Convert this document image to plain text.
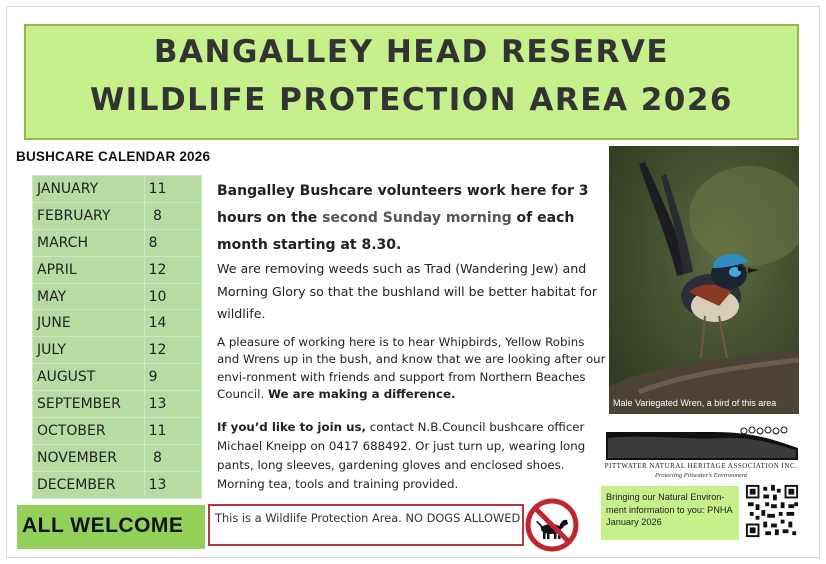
BANGALLEY HEAD RESERVE
WILDLIFE PROTECTION AREA 2026
BUSHCARE CALENDAR 2026
JANUARY	11
FEBRUARY	8
MARCH	8
APRIL	12
MAY	10
JUNE	14
JULY	12
AUGUST	9
SEPTEMBER	13
OCTOBER	11
NOVEMBER	8
DECEMBER	13
Bangalley Bushcare volunteers work here for 3 hours on the second Sunday morning of each month starting at 8.30.
We are removing weeds such as Trad (Wandering Jew) and Morning Glory so that the bushland will be better habitat for wildlife.
A pleasure of working here is to hear Whipbirds, Yellow Robins and Wrens up in the bush, and know that we are looking after our envi-ronment with friends and support from Northern Beaches Council. We are making a difference.
If you’d like to join us, contact N.B.Council bushcare officer Michael Kneipp on 0417 688492. Or just turn up, wearing long pants, long sleeves, gardening gloves and enclosed shoes. Morning tea, tools and training provided.
Male Variegated Wren, a bird of this area
PITTWATER NATURAL HERITAGE ASSOCIATION INC.
Protecting Pittwater’s Environment
Bringing our Natural Environ-ment information to you: PNHA January 2026
ALL WELCOME	This is a Wildlife Protection Area. NO DOGS ALLOWED
